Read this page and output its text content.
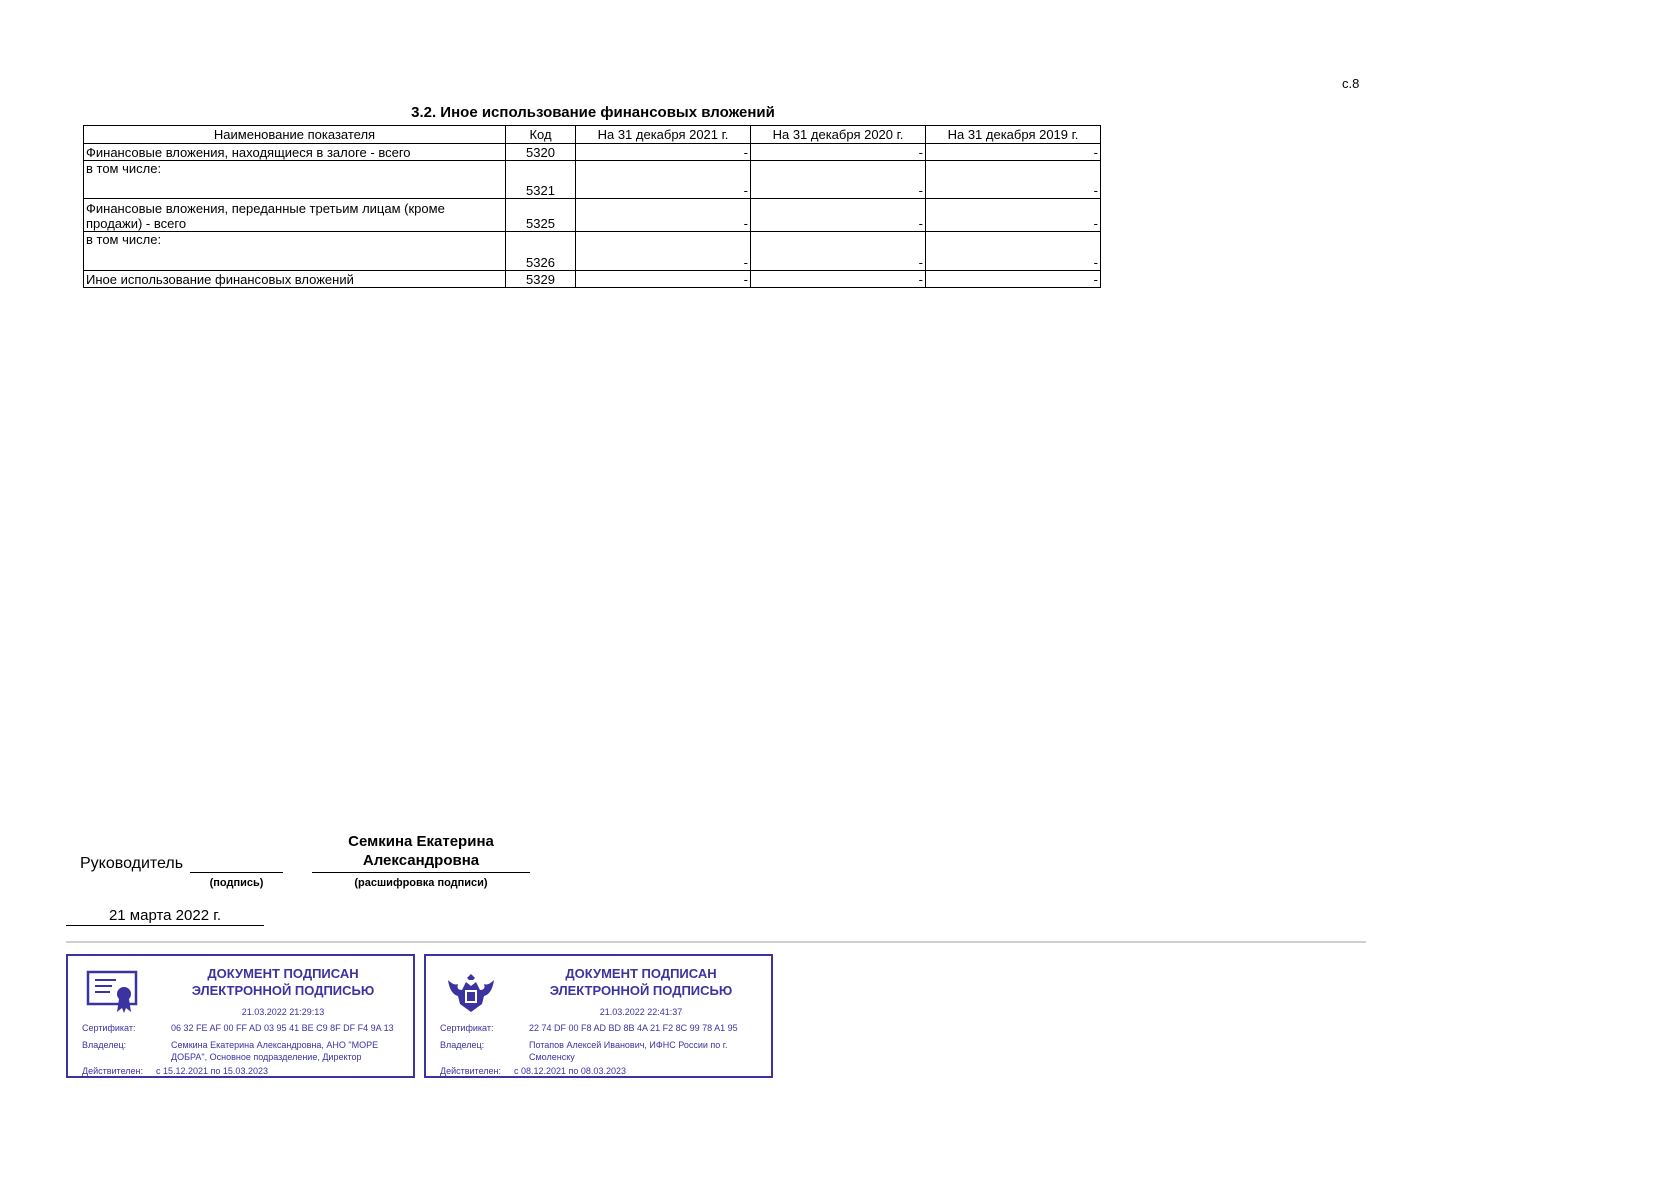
с.8
3.2. Иное использование финансовых вложений
Наименование показателя	Код	На 31 декабря 2021 г.	На 31 декабря 2020 г.	На 31 декабря 2019 г.
Финансовые вложения, находящиеся в залоге - всего	5320	-	-	-
в том числе:	5321	-	-	-
Финансовые вложения, переданные третьим лицам (кроме продажи) - всего	5325	-	-	-
в том числе:	5326	-	-	-
Иное использование финансовых вложений	5329	-	-	-
Руководитель
(подпись)
Семкина Екатерина
Александровна
(расшифровка подписи)
21 марта 2022 г.
ДОКУМЕНТ ПОДПИСАН
ЭЛЕКТРОННОЙ ПОДПИСЬЮ
21.03.2022 21:29:13
Сертификат:	06 32 FE AF 00 FF AD 03 95 41 BE C9 8F DF F4 9A 13
Владелец:	Семкина Екатерина Александровна, АНО "МОРЕ ДОБРА", Основное подразделение, Директор
Действителен:	с 15.12.2021 по 15.03.2023
ДОКУМЕНТ ПОДПИСАН
ЭЛЕКТРОННОЙ ПОДПИСЬЮ
21.03.2022 22:41:37
Сертификат:	22 74 DF 00 F8 AD BD 8B 4A 21 F2 8C 99 78 A1 95
Владелец:	Потапов Алексей Иванович, ИФНС России по г. Смоленску
Действителен:	с 08.12.2021 по 08.03.2023
